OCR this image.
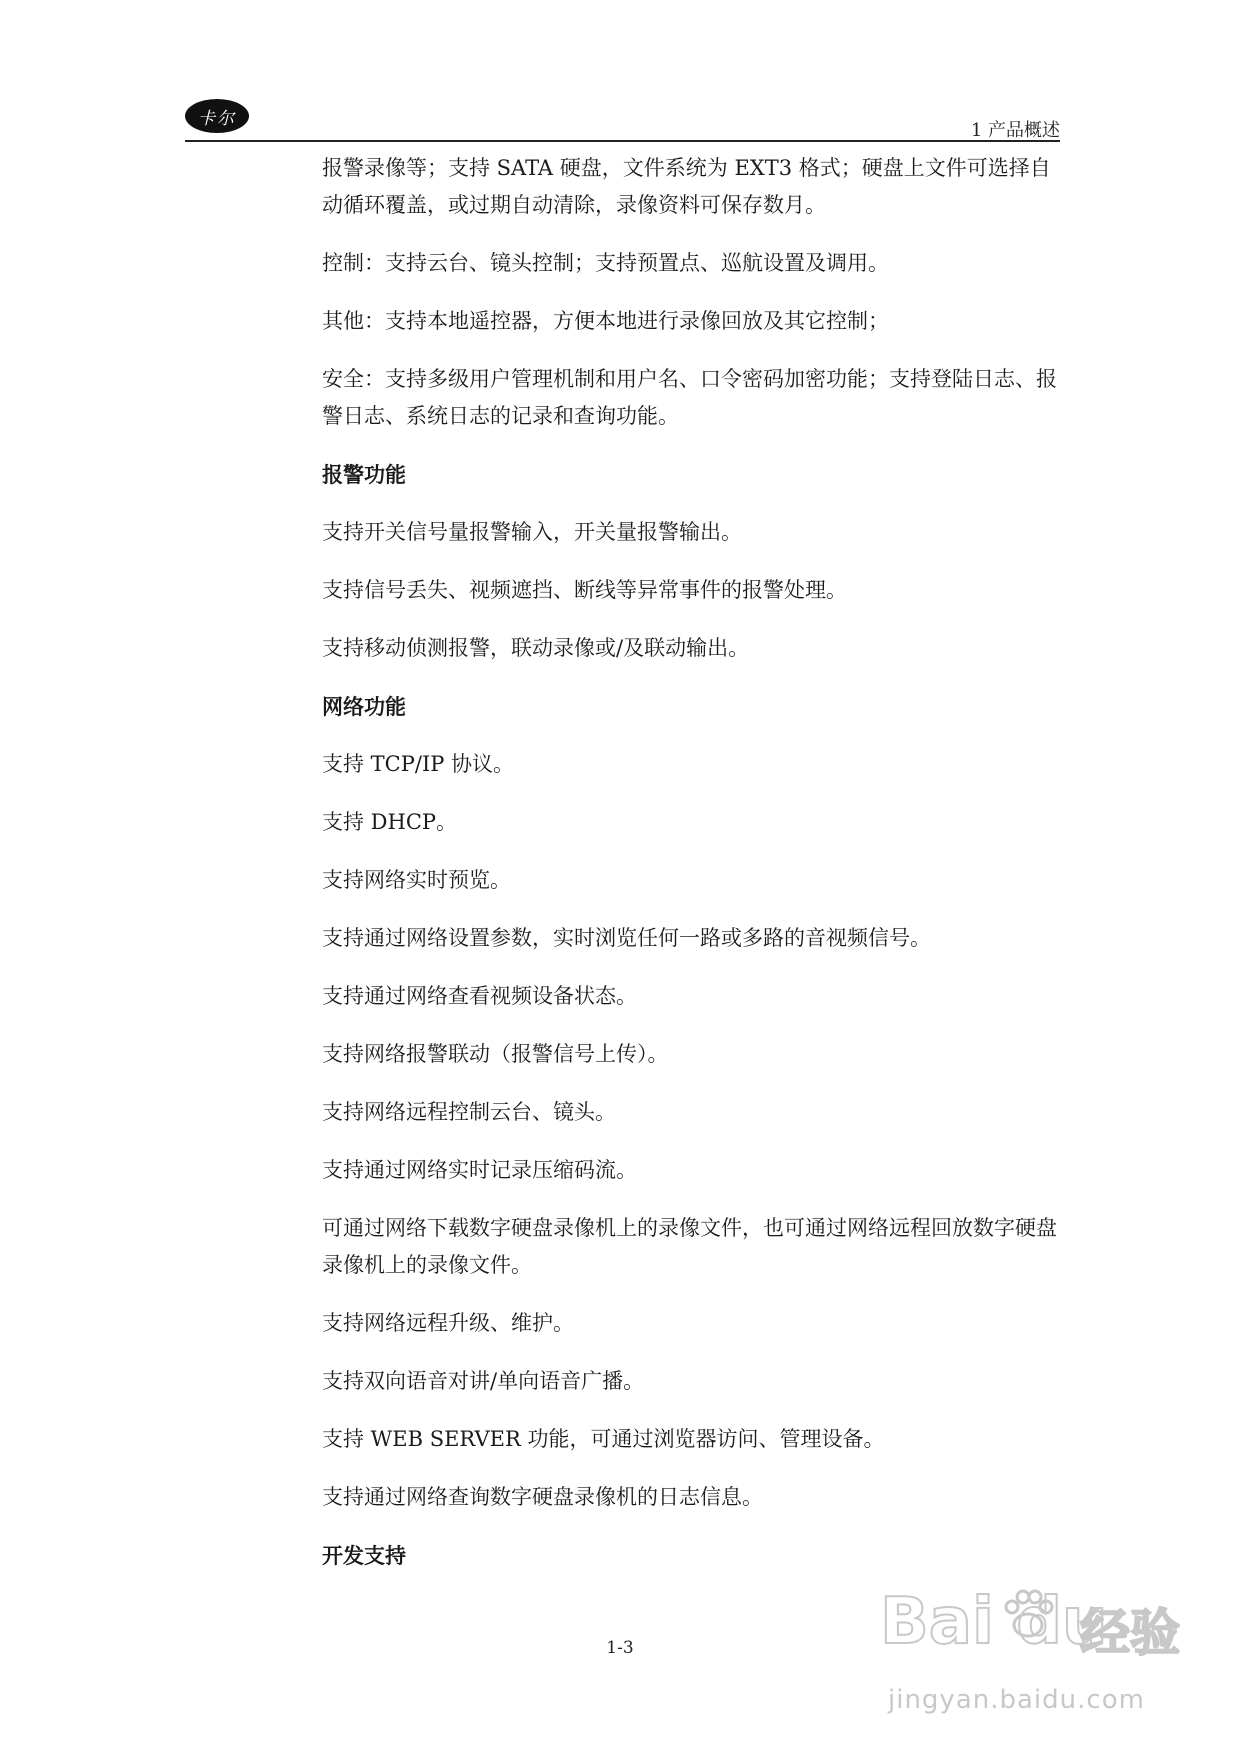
卡尔
1 产品概述

报警录像等；支持 SATA 硬盘，文件系统为 EXT3 格式；硬盘上文件可选择自动循环覆盖，或过期自动清除，录像资料可保存数月。

控制：支持云台、镜头控制；支持预置点、巡航设置及调用。

其他：支持本地遥控器，方便本地进行录像回放及其它控制；

安全：支持多级用户管理机制和用户名、口令密码加密功能；支持登陆日志、报警日志、系统日志的记录和查询功能。

报警功能

支持开关信号量报警输入，开关量报警输出。

支持信号丢失、视频遮挡、断线等异常事件的报警处理。

支持移动侦测报警，联动录像或/及联动输出。

网络功能

支持 TCP/IP 协议。

支持 DHCP。

支持网络实时预览。

支持通过网络设置参数，实时浏览任何一路或多路的音视频信号。

支持通过网络查看视频设备状态。

支持网络报警联动（报警信号上传）。

支持网络远程控制云台、镜头。

支持通过网络实时记录压缩码流。

可通过网络下载数字硬盘录像机上的录像文件，也可通过网络远程回放数字硬盘录像机上的录像文件。

支持网络远程升级、维护。

支持双向语音对讲/单向语音广播。

支持 WEB SERVER 功能，可通过浏览器访问、管理设备。

支持通过网络查询数字硬盘录像机的日志信息。

开发支持

1-3	Bai du
经验
jingyan.baidu.com
